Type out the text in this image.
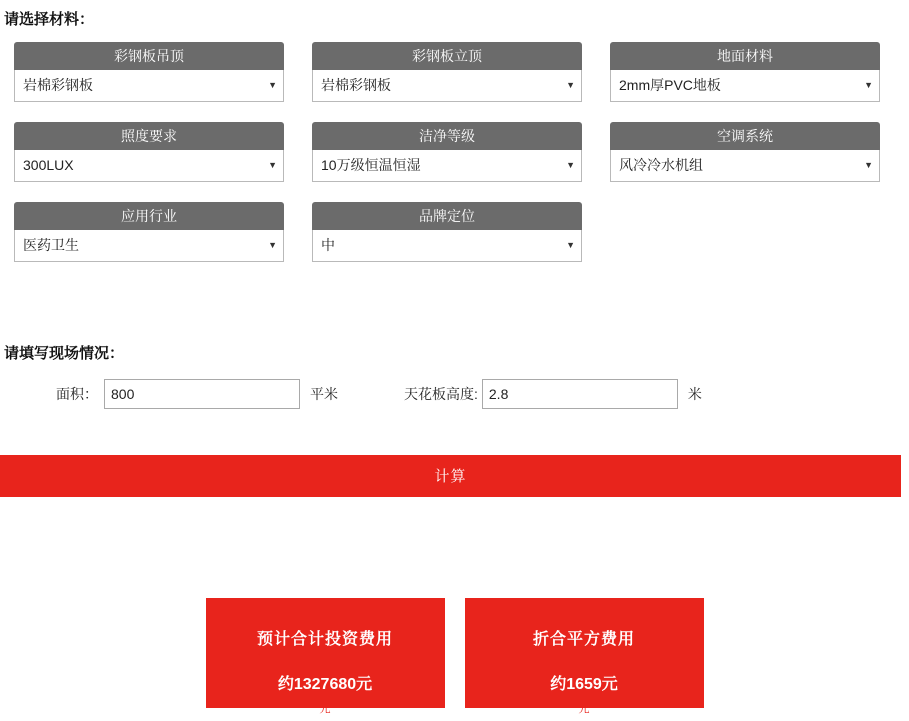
请选择材料：
彩钢板吊顶
岩棉彩钢板	▼
彩钢板立顶
岩棉彩钢板	▼
地面材料
2mm厚PVC地板	▼
照度要求
300LUX	▼
洁净等级
10万级恒温恒湿	▼
空调系统
风冷冷水机组	▼
应用行业
医药卫生	▼
品牌定位
中	▼
请填写现场情况：
面积：
800	平米	天花板高度:
2.8	米
计算
预计合计投资费用
约1327680元
元
折合平方费用
约1659元
元
